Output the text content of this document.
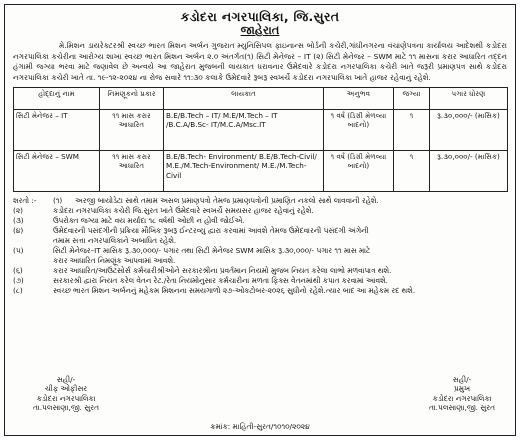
કડોદરા નગરપાલિકા, જિ.સુરત
જાહેરાત
મે.મિશન ડાયરેક્ટરશ્રી સ્વચ્છ ભારત મિશન અર્બન ગુજરાત મ્યુનિસિપલ ફાઇનાન્સ બોર્ડની કચેરી,ગાંધીનગરના વંચાણેપત્રના કાર્યાલય આદેશથી કડોદરા નગરપાલિકા કચેરીના આરોગ્ય શાખા સ્વચ્છ ભારત મિશન અર્બન ૨.૦ અંતર્ગત(૧) સિટી મેનેજર – IT (૨) સિટી મેનેજર – SWM માટે ૧૧ માસના કરાર આધારિત તદ્દન હંગામી જગ્યા ભરવા માટે જણાવેલ છે અન્વયે આ જાહેરાત મુજબની લાયકાત ધરાવનાર ઉમેદવારે કડોદરા નગરપાલિકા કચેરી ખાતે જરૂરી પ્રમાણપત્ર સાથે કડોદરા નગરપાલિકા કચેરી ખાતે તા. ૧૯-૧૨-૨૦૨૪ ના રોજ સવારે ૧૧:૩૦ કલાકે ઉમેદવારે રૂબરૂ સ્વખર્ચે કડોદરા નગરપાલિકા ખાતે હાજર રહેવાનું રહેશે.
હોદ્દાનું નામ	નિમણૂકનો પ્રકાર	લાયકાત	અનુભવ	જગ્યા	પગાર ધોરણ
સિટી મેનેજર – IT	૧૧ માસ કરાર આધારિત	B.E/B.Tech – IT/ M.E/M.Tech – IT /B.C.A/B.Sc- IT/M.C.A/Msc.IT	૧ વર્ષ (ડિગ્રી મેળવ્યા બાદનો)	૧	રૂ.૩૦,૦૦૦/- (માસિક)
સિટી મેનેજર – SWM	૧૧ માસ કરાર આધારિત	B.E/B.Tech- Environment/ B.E/B.Tech-Civil/ M.E./M.Tech-Environment/ M.E./M.Tech-Civil	૧ વર્ષ (ડિગ્રી મેળવ્યા બાદનો)	૧	રૂ.૩૦,૦૦૦/- (માસિક)
શરતો :-	(૧)	અરજી બાયોડેટા સાથે તમામ અસલ પ્રમાણપત્રો તેમજ પ્રમાણપત્રોની પ્રમાણિત નકલો સાથે લાવવાની રહેશે.
(૨)	કડોદરા નગરપાલિકા કચેરી જિ.સુરત ખાતે ઉમેદવારે સ્વખર્ચે સમયસર હાજર રહેવાનું રહેશે.
(૩)	ઉપરોક્ત જગ્યા માટે વય મર્યાદા ૧૮ વર્ષથી ઓછી ન હોવી જોઈએ.
(૪)	ઉમેદવારની પસંદગીની પ્રક્રિયા મૌખિક રૂબરૂ ઈન્ટરવ્યુ દ્વારા કરવામાં આવશે તેમજ ઉમેદવારની પસંદગી અંગેની
તમામ સત્તા નગરપાલિકાને અબાધિત રહેશે.
(૫)	સિટી મેનેજર–IT માસિક રૂ.૩૦,૦૦૦/- પગાર તથા સિટી મેનેજર SWM માસિક રૂ.૩૦,૦૦૦/- પગાર ૧૧ માસ માટે
કરાર આધારિત નિમણૂંક આપવામાં આવશે.
(૬)	કરાર આધારિત/આઉટસોર્સ કર્મચારીશ્રીઓને સરકારશ્રીના પ્રવર્તમાન નિયમો મુજબ નિયત કરેલા લાભો મળવાપાત્ર થશે.
(૭)	સરકારશ્રી દ્વારા નિયત કરેલ વેતન રેટ./રેતા નિયમોનુસાર કર્મચારીના મળતા ફિક્સ વેતનમાંથી કપાત કરવામાં આવશે.
(૮)	સ્વચ્છ ભારત મિશન અર્બનનું મહેકમ મિશનના સમયગાળો ૨૭-ઓકટોબર-૨૦૨૬ સુધીનો રહેશે.ત્યાર બાદ આ મહેકમ રદ થશે.
સહી/-
ચીફ ઓફીસર
કડોદરા નગરપાલિકા
તા.પલસાણા,જી. સુરત
સહી/-
પ્રમુખ
કડોદરા નગરપાલિકા
તા.પલસાણા,જી. સુરત
ક્રમાંક: માહિતી-સુરત/૧૦૧૦/૨૦૨૪
